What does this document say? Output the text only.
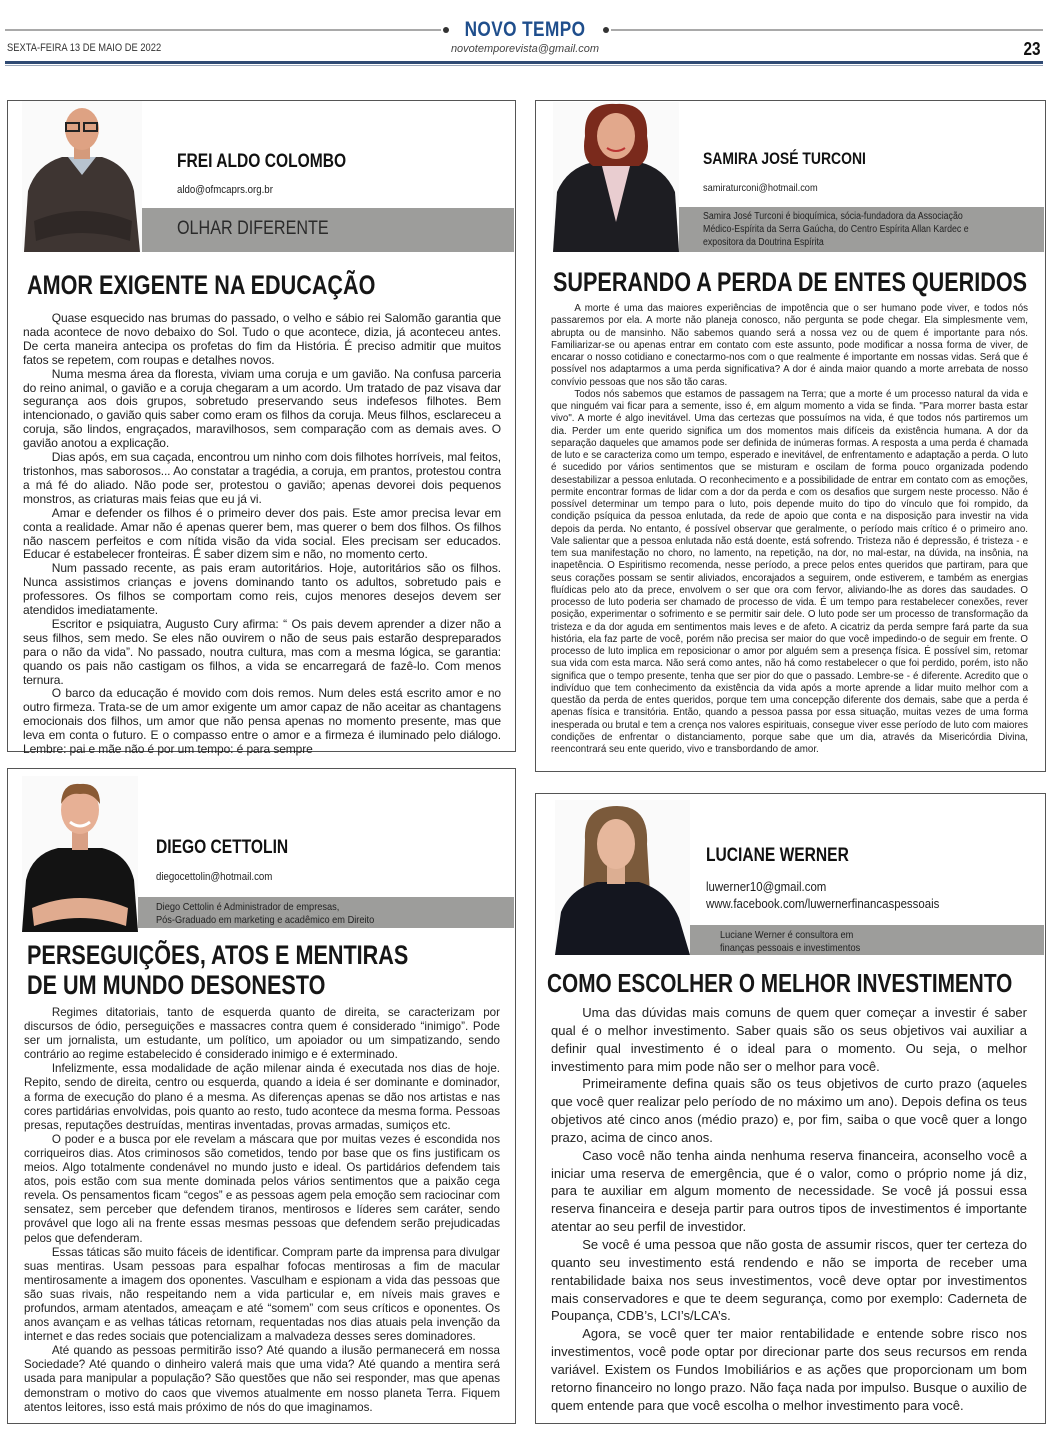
NOVO TEMPO
SEXTA-FEIRA 13 DE MAIO DE 2022	novotemporevista@gmail.com	23
FREI ALDO COLOMBO
aldo@ofmcaprs.org.br
OLHAR DIFERENTE
AMOR EXIGENTE NA EDUCAÇÃO

Quase esquecido nas brumas do passado, o velho e sábio rei Salomão garantia que nada acontece de novo debaixo do Sol. Tudo o que acontece, dizia, já aconteceu antes. De certa maneira antecipa os profetas do fim da História. É preciso admitir que muitos fatos se repetem, com roupas e detalhes novos.

Numa mesma área da floresta, viviam uma coruja e um gavião. Na confusa parceria do reino animal, o gavião e a coruja chegaram a um acordo. Um tratado de paz visava dar segurança aos dois grupos, sobretudo preservando seus indefesos filhotes. Bem intencionado, o gavião quis saber como eram os filhos da coruja. Meus filhos, esclareceu a coruja, são lindos, engraçados, maravilhosos, sem comparação com as demais aves. O gavião anotou a explicação.

Dias após, em sua caçada, encontrou um ninho com dois filhotes horríveis, mal feitos, tristonhos, mas saborosos... Ao constatar a tragédia, a coruja, em prantos, protestou contra a má fé do aliado. Não pode ser, protestou o gavião; apenas devorei dois pequenos monstros, as criaturas mais feias que eu já vi.

Amar e defender os filhos é o primeiro dever dos pais. Este amor precisa levar em conta a realidade. Amar não é apenas querer bem, mas querer o bem dos filhos. Os filhos não nascem perfeitos e com nítida visão da vida social. Eles precisam ser educados. Educar é estabelecer fronteiras. É saber dizem sim e não, no momento certo.

Num passado recente, as pais eram autoritários. Hoje, autoritários são os filhos. Nunca assistimos crianças e jovens dominando tanto os adultos, sobretudo pais e professores. Os filhos se comportam como reis, cujos menores desejos devem ser atendidos imediatamente.

Escritor e psiquiatra, Augusto Cury afirma: “ Os pais devem aprender a dizer não a seus filhos, sem medo. Se eles não ouvirem o não de seus pais estarão despreparados para o não da vida”. No passado, noutra cultura, mas com a mesma lógica, se garantia: quando os pais não castigam os filhos, a vida se encarregará de fazê-lo. Com menos ternura.

O barco da educação é movido com dois remos. Num deles está escrito amor e no outro firmeza. Trata-se de um amor exigente um amor capaz de não aceitar as chantagens emocionais dos filhos, um amor que não pensa apenas no momento presente, mas que leva em conta o futuro. E o compasso entre o amor e a firmeza é iluminado pelo diálogo. Lembre: pai e mãe não é por um tempo: é para sempre

SAMIRA JOSÉ TURCONI
samiraturconi@hotmail.com
Samira José Turconi é bioquímica, sócia-fundadora da Associação
Médico-Espírita da Serra Gaúcha, do Centro Espírita Allan Kardec e
expositora da Doutrina Espírita
SUPERANDO A PERDA DE ENTES QUERIDOS

A morte é uma das maiores experiências de impotência que o ser humano pode viver, e todos nós passaremos por ela. A morte não planeja conosco, não pergunta se pode chegar. Ela simplesmente vem, abrupta ou de mansinho. Não sabemos quando será a nossa vez ou de quem é importante para nós. Familiarizar-se ou apenas entrar em contato com este assunto, pode modificar a nossa forma de viver, de encarar o nosso cotidiano e conectarmo-nos com o que realmente é importante em nossas vidas. Será que é possível nos adaptarmos a uma perda significativa? A dor é ainda maior quando a morte arrebata de nosso convívio pessoas que nos são tão caras.

Todos nós sabemos que estamos de passagem na Terra; que a morte é um processo natural da vida e que ninguém vai ficar para a semente, isso é, em algum momento a vida se finda. "Para morrer basta estar vivo". A morte é algo inevitável. Uma das certezas que possuímos na vida, é que todos nós partiremos um dia. Perder um ente querido significa um dos momentos mais difíceis da existência humana. A dor da separação daqueles que amamos pode ser definida de inúmeras formas. A resposta a uma perda é chamada de luto e se caracteriza como um tempo, esperado e inevitável, de enfrentamento e adaptação a perda. O luto é sucedido por vários sentimentos que se misturam e oscilam de forma pouco organizada podendo desestabilizar a pessoa enlutada. O reconhecimento e a possibilidade de entrar em contato com as emoções, permite encontrar formas de lidar com a dor da perda e com os desafios que surgem neste processo. Não é possível determinar um tempo para o luto, pois depende muito do tipo do vínculo que foi rompido, da condição psíquica da pessoa enlutada, da rede de apoio que conta e na disposição para investir na vida depois da perda. No entanto, é possível observar que geralmente, o período mais crítico é o primeiro ano. Vale salientar que a pessoa enlutada não está doente, está sofrendo. Tristeza não é depressão, é tristeza - e tem sua manifestação no choro, no lamento, na repetição, na dor, no mal-estar, na dúvida, na insônia, na inapetência. O Espiritismo recomenda, nesse período, a prece pelos entes queridos que partiram, para que seus corações possam se sentir aliviados, encorajados a seguirem, onde estiverem, e também as energias fluídicas pelo ato da prece, envolvem o ser que ora com fervor, aliviando-lhe as dores das saudades. O processo de luto poderia ser chamado de processo de vida. É um tempo para restabelecer conexões, rever posição, experimentar o sofrimento e se permitir sair dele. O luto pode ser um processo de transformação da tristeza e da dor aguda em sentimentos mais leves e de afeto. A cicatriz da perda sempre fará parte da sua história, ela faz parte de você, porém não precisa ser maior do que você impedindo-o de seguir em frente. O processo de luto implica em reposicionar o amor por alguém sem a presença física. É possível sim, retomar sua vida com esta marca. Não será como antes, não há como restabelecer o que foi perdido, porém, isto não significa que o tempo presente, tenha que ser pior do que o passado. Lembre-se - é diferente. Acredito que o indivíduo que tem conhecimento da existência da vida após a morte aprende a lidar muito melhor com a questão da perda de entes queridos, porque tem uma concepção diferente dos demais, sabe que a perda é apenas física e transitória. Então, quando a pessoa passa por essa situação, muitas vezes de uma forma inesperada ou brutal e tem a crença nos valores espirituais, consegue viver esse período de luto com maiores condições de enfrentar o distanciamento, porque sabe que um dia, através da Misericórdia Divina, reencontrará seu ente querido, vivo e transbordando de amor.

DIEGO CETTOLIN
diegocettolin@hotmail.com
Diego Cettolin é Administrador de empresas,
Pós-Graduado em marketing e acadêmico em Direito
PERSEGUIÇÕES, ATOS E MENTIRAS
DE UM MUNDO DESONESTO

Regimes ditatoriais, tanto de esquerda quanto de direita, se caracterizam por discursos de ódio, perseguições e massacres contra quem é considerado “inimigo”. Pode ser um jornalista, um estudante, um político, um apoiador ou um simpatizando, sendo contrário ao regime estabelecido é considerado inimigo e é exterminado.

Infelizmente, essa modalidade de ação milenar ainda é executada nos dias de hoje. Repito, sendo de direita, centro ou esquerda, quando a ideia é ser dominante e dominador, a forma de execução do plano é a mesma. As diferenças apenas se dão nos artistas e nas cores partidárias envolvidas, pois quanto ao resto, tudo acontece da mesma forma. Pessoas presas, reputações destruídas, mentiras inventadas, provas armadas, sumiços etc.

O poder e a busca por ele revelam a máscara que por muitas vezes é escondida nos corriqueiros dias. Atos criminosos são cometidos, tendo por base que os fins justificam os meios. Algo totalmente condenável no mundo justo e ideal. Os partidários defendem tais atos, pois estão com sua mente dominada pelos vários sentimentos que a paixão cega revela. Os pensamentos ficam “cegos” e as pessoas agem pela emoção sem raciocinar com sensatez, sem perceber que defendem tiranos, mentirosos e líderes sem caráter, sendo provável que logo ali na frente essas mesmas pessoas que defendem serão prejudicadas pelos que defenderam.

Essas táticas são muito fáceis de identificar. Compram parte da imprensa para divulgar suas mentiras. Usam pessoas para espalhar fofocas mentirosas a fim de macular mentirosamente a imagem dos oponentes. Vasculham e espionam a vida das pessoas que são suas rivais, não respeitando nem a vida particular e, em níveis mais graves e profundos, armam atentados, ameaçam e até “somem” com seus críticos e oponentes. Os anos avançam e as velhas táticas retornam, requentadas nos dias atuais pela invenção da internet e das redes sociais que potencializam a malvadeza desses seres dominadores.

Até quando as pessoas permitirão isso? Até quando a ilusão permanecerá em nossa Sociedade? Até quando o dinheiro valerá mais que uma vida? Até quando a mentira será usada para manipular a população? São questões que não sei responder, mas que apenas demonstram o motivo do caos que vivemos atualmente em nosso planeta Terra. Fiquem atentos leitores, isso está mais próximo de nós do que imaginamos.

LUCIANE WERNER
luwerner10@gmail.com
www.facebook.com/luwernerfinancaspessoais
Luciane Werner é consultora em
finanças pessoais e investimentos
COMO ESCOLHER O MELHOR INVESTIMENTO

Uma das dúvidas mais comuns de quem quer começar a investir é saber qual é o melhor investimento. Saber quais são os seus objetivos vai auxiliar a definir qual investimento é o ideal para o momento. Ou seja, o melhor investimento para mim pode não ser o melhor para você.

Primeiramente defina quais são os teus objetivos de curto prazo (aqueles que você quer realizar pelo período de no máximo um ano). Depois defina os teus objetivos até cinco anos (médio prazo) e, por fim, saiba o que você quer a longo prazo, acima de cinco anos.

Caso você não tenha ainda nenhuma reserva financeira, aconselho você a iniciar uma reserva de emergência, que é o valor, como o próprio nome já diz, para te auxiliar em algum momento de necessidade. Se você já possui essa reserva financeira e deseja partir para outros tipos de investimentos é importante atentar ao seu perfil de investidor.

Se você é uma pessoa que não gosta de assumir riscos, quer ter certeza do quanto seu investimento está rendendo e não se importa de receber uma rentabilidade baixa nos seus investimentos, você deve optar por investimentos mais conservadores e que te deem segurança, como por exemplo: Caderneta de Poupança, CDB’s, LCI’s/LCA’s.

Agora, se você quer ter maior rentabilidade e entende sobre risco nos investimentos, você pode optar por direcionar parte dos seus recursos em renda variável. Existem os Fundos Imobiliários e as ações que proporcionam um bom retorno financeiro no longo prazo. Não faça nada por impulso. Busque o auxilio de quem entende para que você escolha o melhor investimento para você.
